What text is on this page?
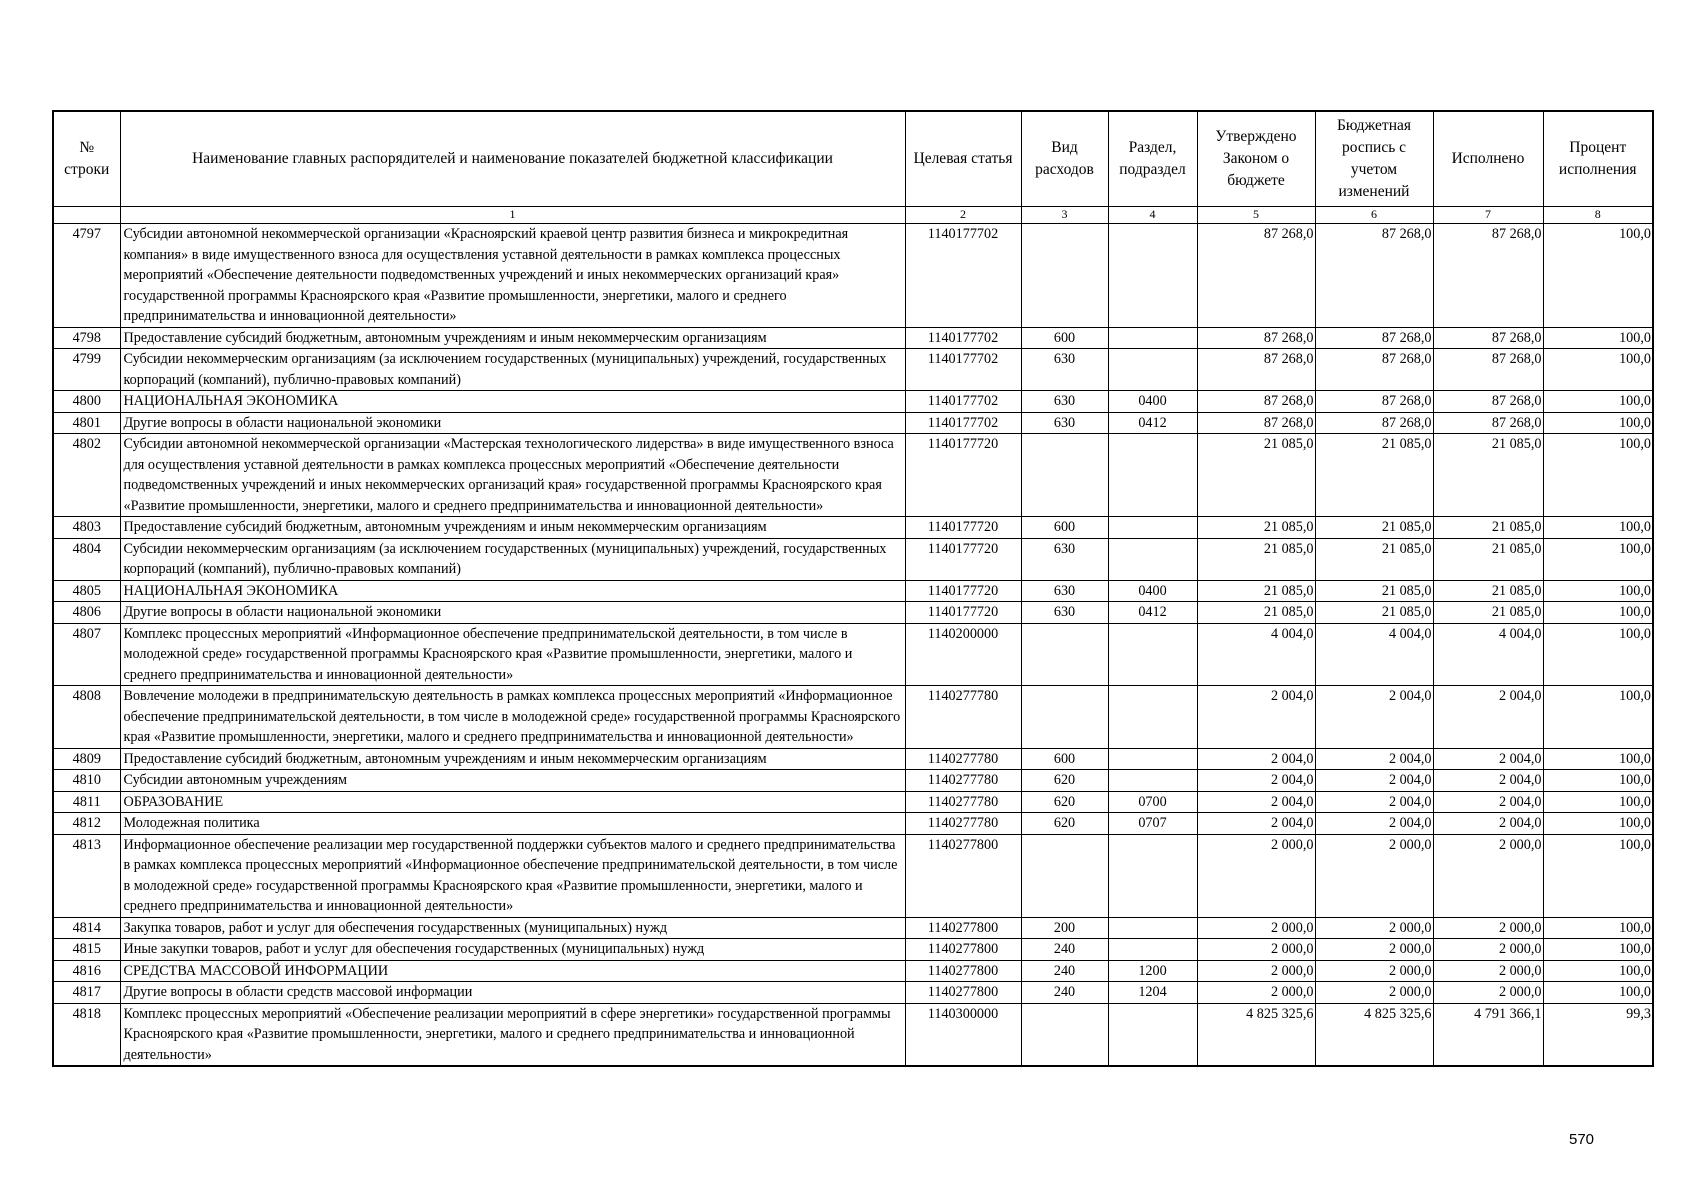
№ строки	Наименование главных распорядителей и наименование показателей бюджетной классификации	Целевая статья	Вид расходов	Раздел, подраздел	Утверждено Законом о бюджете	Бюджетная роспись с учетом изменений	Исполнено	Процент исполнения
	1	2	3	4	5	6	7	8
4797	Субсидии автономной некоммерческой организации «Красноярский краевой центр развития бизнеса и микрокредитная компания» в виде имущественного взноса для осуществления уставной деятельности в рамках комплекса процессных мероприятий «Обеспечение деятельности подведомственных учреждений и иных некоммерческих организаций края» государственной программы Красноярского края «Развитие промышленности, энергетики, малого и среднего предпринимательства и инновационной деятельности»	1140177702			87 268,0	87 268,0	87 268,0	100,0
4798	Предоставление субсидий бюджетным, автономным учреждениям и иным некоммерческим организациям	1140177702	600		87 268,0	87 268,0	87 268,0	100,0
4799	Субсидии некоммерческим организациям (за исключением государственных (муниципальных) учреждений, государственных корпораций (компаний), публично-правовых компаний)	1140177702	630		87 268,0	87 268,0	87 268,0	100,0
4800	НАЦИОНАЛЬНАЯ ЭКОНОМИКА	1140177702	630	0400	87 268,0	87 268,0	87 268,0	100,0
4801	Другие вопросы в области национальной экономики	1140177702	630	0412	87 268,0	87 268,0	87 268,0	100,0
4802	Субсидии автономной некоммерческой организации «Мастерская технологического лидерства» в виде имущественного взноса для осуществления уставной деятельности в рамках комплекса процессных мероприятий «Обеспечение деятельности подведомственных учреждений и иных некоммерческих организаций края» государственной программы Красноярского края «Развитие промышленности, энергетики, малого и среднего предпринимательства и инновационной деятельности»	1140177720			21 085,0	21 085,0	21 085,0	100,0
4803	Предоставление субсидий бюджетным, автономным учреждениям и иным некоммерческим организациям	1140177720	600		21 085,0	21 085,0	21 085,0	100,0
4804	Субсидии некоммерческим организациям (за исключением государственных (муниципальных) учреждений, государственных корпораций (компаний), публично-правовых компаний)	1140177720	630		21 085,0	21 085,0	21 085,0	100,0
4805	НАЦИОНАЛЬНАЯ ЭКОНОМИКА	1140177720	630	0400	21 085,0	21 085,0	21 085,0	100,0
4806	Другие вопросы в области национальной экономики	1140177720	630	0412	21 085,0	21 085,0	21 085,0	100,0
4807	Комплекс процессных мероприятий «Информационное обеспечение предпринимательской деятельности, в том числе в молодежной среде» государственной программы Красноярского края «Развитие промышленности, энергетики, малого и среднего предпринимательства и инновационной деятельности»	1140200000			4 004,0	4 004,0	4 004,0	100,0
4808	Вовлечение молодежи в предпринимательскую деятельность в рамках комплекса процессных мероприятий «Информационное обеспечение предпринимательской деятельности, в том числе в молодежной среде» государственной программы Красноярского края «Развитие промышленности, энергетики, малого и среднего предпринимательства и инновационной деятельности»	1140277780			2 004,0	2 004,0	2 004,0	100,0
4809	Предоставление субсидий бюджетным, автономным учреждениям и иным некоммерческим организациям	1140277780	600		2 004,0	2 004,0	2 004,0	100,0
4810	Субсидии автономным учреждениям	1140277780	620		2 004,0	2 004,0	2 004,0	100,0
4811	ОБРАЗОВАНИЕ	1140277780	620	0700	2 004,0	2 004,0	2 004,0	100,0
4812	Молодежная политика	1140277780	620	0707	2 004,0	2 004,0	2 004,0	100,0
4813	Информационное обеспечение реализации мер государственной поддержки субъектов малого и среднего предпринимательства в рамках комплекса процессных мероприятий «Информационное обеспечение предпринимательской деятельности, в том числе в молодежной среде» государственной программы Красноярского края «Развитие промышленности, энергетики, малого и среднего предпринимательства и инновационной деятельности»	1140277800			2 000,0	2 000,0	2 000,0	100,0
4814	Закупка товаров, работ и услуг для обеспечения государственных (муниципальных) нужд	1140277800	200		2 000,0	2 000,0	2 000,0	100,0
4815	Иные закупки товаров, работ и услуг для обеспечения государственных (муниципальных) нужд	1140277800	240		2 000,0	2 000,0	2 000,0	100,0
4816	СРЕДСТВА МАССОВОЙ ИНФОРМАЦИИ	1140277800	240	1200	2 000,0	2 000,0	2 000,0	100,0
4817	Другие вопросы в области средств массовой информации	1140277800	240	1204	2 000,0	2 000,0	2 000,0	100,0
4818	Комплекс процессных мероприятий «Обеспечение реализации мероприятий в сфере энергетики» государственной программы Красноярского края «Развитие промышленности, энергетики, малого и среднего предпринимательства и инновационной деятельности»	1140300000			4 825 325,6	4 825 325,6	4 791 366,1	99,3
570
